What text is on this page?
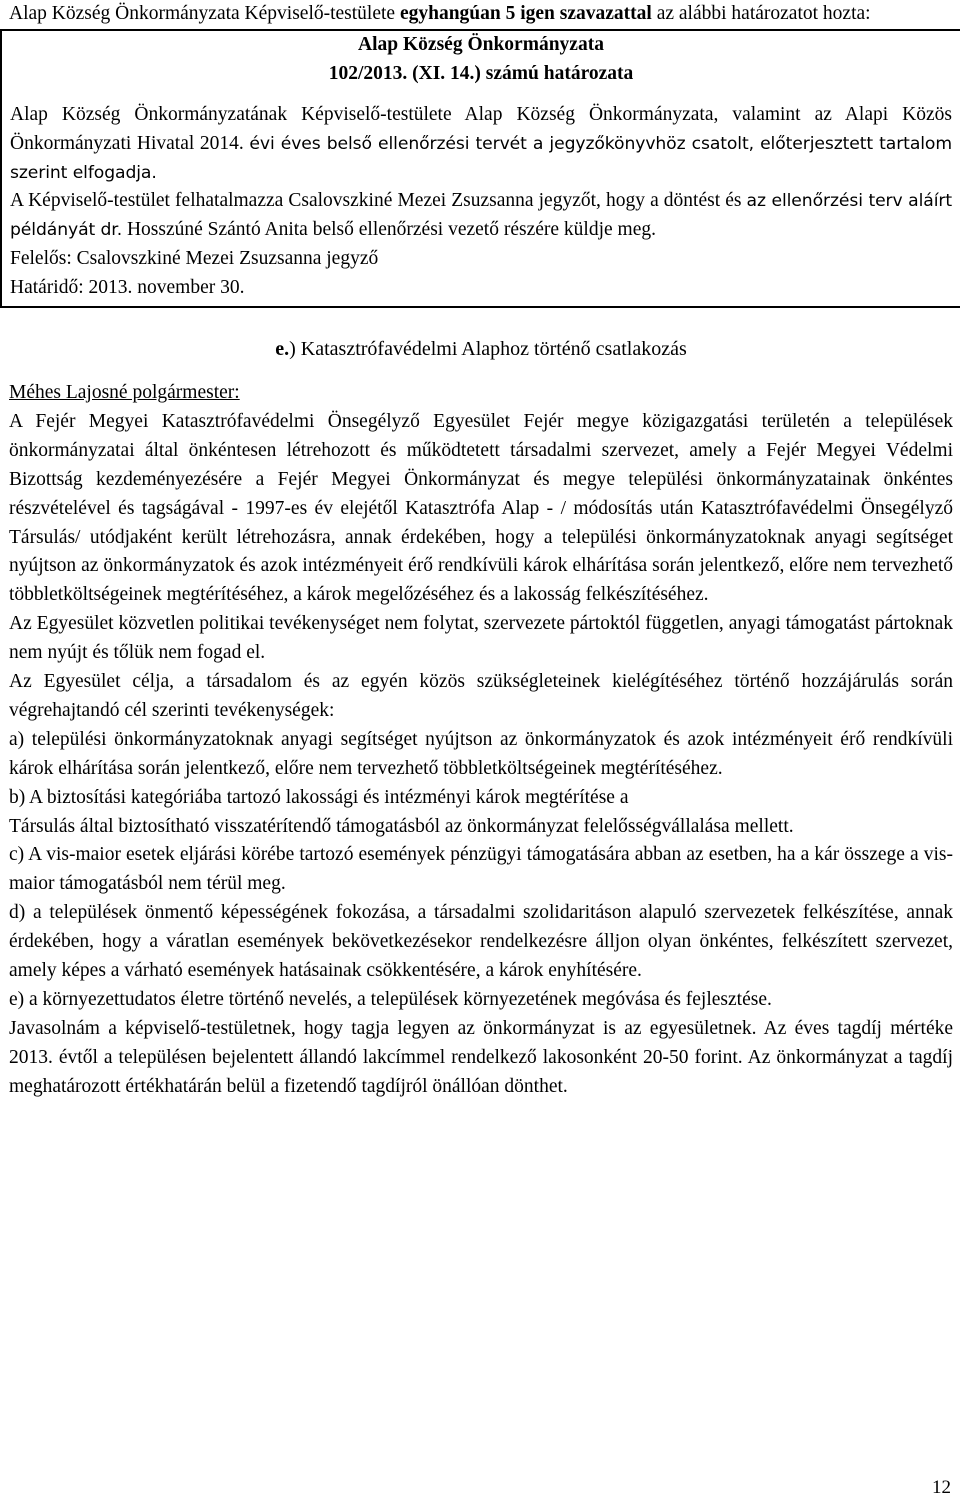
Alap Község Önkormányzata Képviselő-testülete egyhangúan 5 igen szavazattal az alábbi határozatot hozta:

Alap Község Önkormányzata

102/2013. (XI. 14.) számú határozata

Alap Község Önkormányzatának Képviselő-testülete Alap Község Önkormányzata, valamint az Alapi Közös Önkormányzati Hivatal 2014. évi éves belső ellenőrzési tervét a jegyzőkönyvhöz csatolt, előterjesztett tartalom szerint elfogadja.

A Képviselő-testület felhatalmazza Csalovszkiné Mezei Zsuzsanna jegyzőt, hogy a döntést és az ellenőrzési terv aláírt példányát dr. Hosszúné Szántó Anita belső ellenőrzési vezető részére küldje meg.

Felelős: Csalovszkiné Mezei Zsuzsanna jegyző

Határidő: 2013. november 30.

e.) Katasztrófavédelmi Alaphoz történő csatlakozás

Méhes Lajosné polgármester:

A Fejér Megyei Katasztrófavédelmi Önsegélyző Egyesület Fejér megye közigazgatási területén a települések önkormányzatai által önkéntesen létrehozott és működtetett társadalmi szervezet, amely a Fejér Megyei Védelmi Bizottság kezdeményezésére a Fejér Megyei Önkormányzat és megye települési önkormányzatainak önkéntes részvételével és tagságával - 1997-es év elejétől Katasztrófa Alap - / módosítás után Katasztrófavédelmi Önsegélyző Társulás/ utódjaként került létrehozásra, annak érdekében, hogy a települési önkormányzatoknak anyagi segítséget nyújtson az önkormányzatok és azok intézményeit érő rendkívüli károk elhárítása során jelentkező, előre nem tervezhető többletköltségeinek megtérítéséhez, a károk megelőzéséhez és a lakosság felkészítéséhez.

Az Egyesület közvetlen politikai tevékenységet nem folytat, szervezete pártoktól független, anyagi támogatást pártoknak nem nyújt és tőlük nem fogad el.

Az Egyesület célja, a társadalom és az egyén közös szükségleteinek kielégítéséhez történő hozzájárulás során végrehajtandó cél szerinti tevékenységek:

a) települési önkormányzatoknak anyagi segítséget nyújtson az önkormányzatok és azok intézményeit érő rendkívüli károk elhárítása során jelentkező, előre nem tervezhető többletköltségeinek megtérítéséhez.

b) A biztosítási kategóriába tartozó lakossági és intézményi károk megtérítése a

Társulás által biztosítható visszatérítendő támogatásból az önkormányzat felelősségvállalása mellett.

c) A vis-maior esetek eljárási körébe tartozó események pénzügyi támogatására abban az esetben, ha a kár összege a vis-maior támogatásból nem térül meg.

d) a települések önmentő képességének fokozása, a társadalmi szolidaritáson alapuló szervezetek felkészítése, annak érdekében, hogy a váratlan események bekövetkezésekor rendelkezésre álljon olyan önkéntes, felkészített szervezet, amely képes a várható események hatásainak csökkentésére, a károk enyhítésére.

e) a környezettudatos életre történő nevelés, a települések környezetének megóvása és fejlesztése.

Javasolnám a képviselő-testületnek, hogy tagja legyen az önkormányzat is az egyesületnek. Az éves tagdíj mértéke 2013. évtől a településen bejelentett állandó lakcímmel rendelkező lakosonként 20-50 forint. Az önkormányzat a tagdíj meghatározott értékhatárán belül a fizetendő tagdíjról önállóan dönthet.

12
